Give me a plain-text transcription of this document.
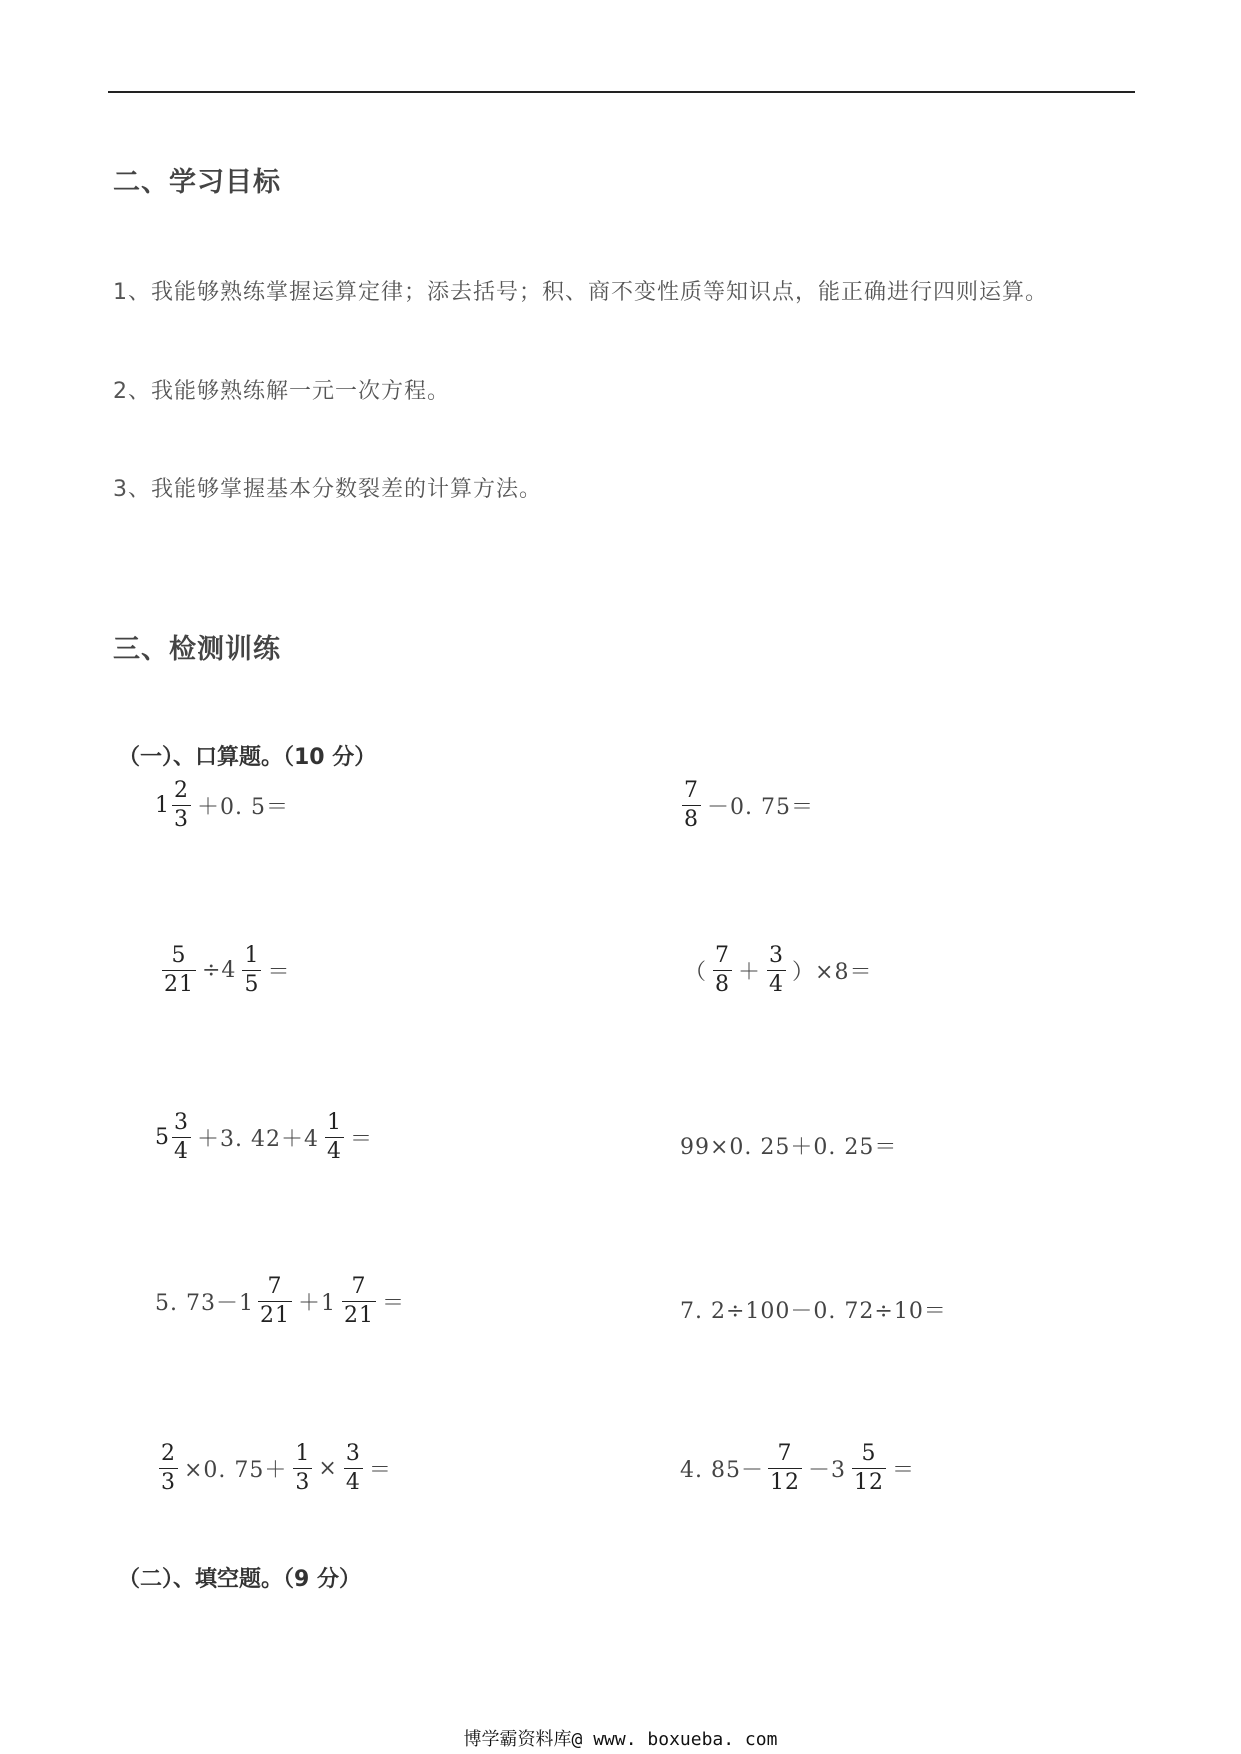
二、学习目标
1、我能够熟练掌握运算定律；添去括号；积、商不变性质等知识点，能正确进行四则运算。
2、我能够熟练解一元一次方程。
3、我能够掌握基本分数裂差的计算方法。
三、检测训练
（一）、口算题。（10 分）
$1 \frac{2}{3} +0$. 5＝	$\frac{7}{8} -0$. 75＝
$\frac{5}{21} \div 4 \frac{1}{5}$ ＝	（ $\frac{7}{8} + \frac{3}{4} )\times 8=$
$5 \frac{3}{4} +3$. $42+4 \frac{1}{4}$ ＝	99×0. 25＋0. 25＝
5. $73-1 \frac{7}{21} +1 \frac{7}{21}$ ＝	7. 2÷100－0. 72÷10＝
$\frac{2}{3} \times 0$. $75+ \frac{1}{3} \times \frac{3}{4}$ ＝	4. $85- \frac{7}{12} -3 \frac{5}{12}$ ＝
（二）、填空题。（9 分）
博学霸资料库@ www. boxueba. com
